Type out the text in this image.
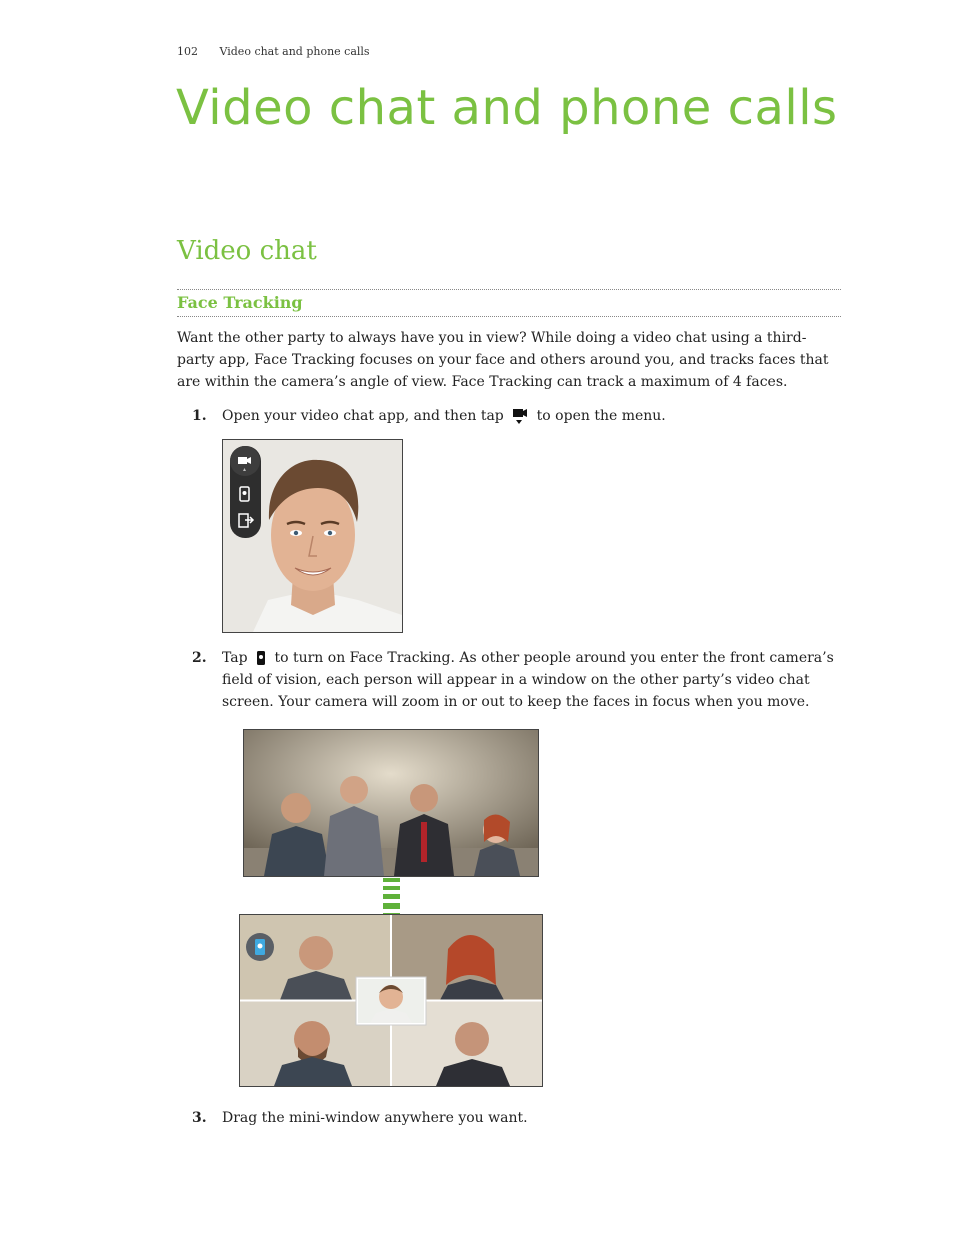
102 Video chat and phone calls
Video chat and phone calls
Video chat
Face Tracking

Want the other party to always have you in view? While doing a video chat using a third-party app, Face Tracking focuses on your face and others around you, and tracks faces that are within the camera’s angle of view. Face Tracking can track a maximum of 4 faces.

1. Open your video chat app, and then tap to open the menu.
2. Tap to turn on Face Tracking. As other people around you enter the front camera’s field of vision, each person will appear in a window on the other party’s video chat screen. Your camera will zoom in or out to keep the faces in focus when you move.
3. Drag the mini-window anywhere you want.
